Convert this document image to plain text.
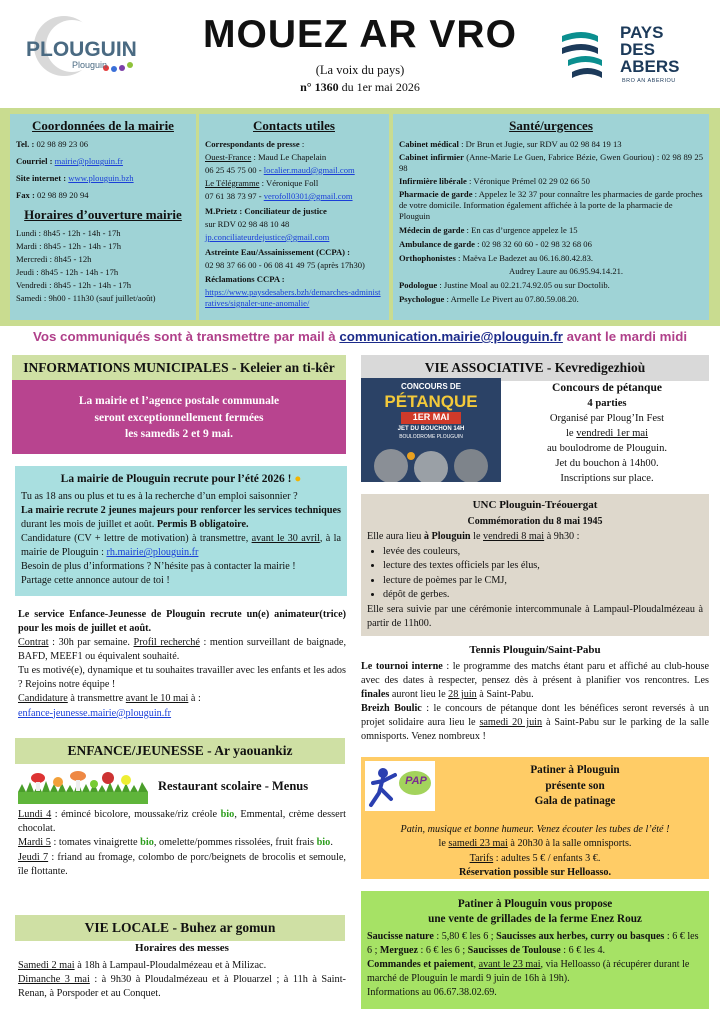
PLOUGUIN
Plouguin
MOUEZ AR VRO
(La voix du pays)
n° 1360 du 1er mai 2026
PAYS
DES
ABERS
BRO AN ABERIOU
Coordonnées de la mairie

Tel. : 02 98 89 23 06

Courriel : mairie@plouguin.fr

Site internet : www.plouguin.bzh

Fax : 02 98 89 20 94

Horaires d’ouverture mairie

Lundi : 8h45 - 12h - 14h - 17h

Mardi : 8h45 - 12h - 14h - 17h

Mercredi : 8h45 - 12h

Jeudi : 8h45 - 12h - 14h - 17h

Vendredi : 8h45 - 12h - 14h - 17h

Samedi : 9h00 - 11h30 (sauf juillet/août)

Contacts utiles

Correspondants de presse :

Ouest-France : Maud Le Chapelain

06 25 45 75 00 - localier.maud@gmail.com

Le Télégramme : Véronique Foll

07 61 38 73 97 - verofoll0301@gmail.com

M.Prietz : Conciliateur de justice

sur RDV 02 98 48 10 48

jp.conciliateurdejustice@gmail.com

Astreinte Eau/Assainissement (CCPA) :

02 98 37 66 00 - 06 08 41 49 75 (après 17h30)

Réclamations CCPA :

https://www.paysdesabers.bzh/demarches-administratives/signaler-une-anomalie/

Santé/urgences

Cabinet médical : Dr Brun et Jugie, sur RDV au 02 98 84 19 13

Cabinet infirmier (Anne-Marie Le Guen, Fabrice Bézie, Gwen Gouriou) : 02 98 89 25 98

Infirmière libérale : Véronique Prémel 02 29 02 66 50

Pharmacie de garde : Appelez le 32 37 pour connaître les pharmacies de garde proches de votre domicile. Information également affichée à la porte de la pharmacie de Plouguin

Médecin de garde : En cas d’urgence appelez le 15

Ambulance de garde : 02 98 32 60 60 - 02 98 32 68 06

Orthophonistes : Maëva Le Badezet au 06.16.80.42.83.

Audrey Laure au 06.95.94.14.21.

Podologue : Justine Moal au 02.21.74.92.05 ou sur Doctolib.

Psychologue : Armelle Le Pivert au 07.80.59.08.20.

Vos communiqués sont à transmettre par mail à communication.mairie@plouguin.fr avant le mardi midi
INFORMATIONS MUNICIPALES - Keleier an ti-kêr
La mairie et l’agence postale communale
seront exceptionnellement fermées
les samedis 2 et 9 mai.
La mairie de Plouguin recrute pour l’été 2026 ! ●

Tu as 18 ans ou plus et tu es à la recherche d’un emploi saisonnier ?

La mairie recrute 2 jeunes majeurs pour renforcer les services techniques durant les mois de juillet et août. Permis B obligatoire.

Candidature (CV + lettre de motivation) à transmettre, avant le 30 avril, à la mairie de Plouguin : rh.mairie@plouguin.fr

Besoin de plus d’informations ? N’hésite pas à contacter la mairie !

Partage cette annonce autour de toi !

Le service Enfance-Jeunesse de Plouguin recrute un(e) animateur(trice) pour les mois de juillet et août.

Contrat : 30h par semaine. Profil recherché : mention surveillant de baignade, BAFD, MEEF1 ou équivalent souhaité.

Tu es motivé(e), dynamique et tu souhaites travailler avec les enfants et les ados ? Rejoins notre équipe !

Candidature à transmettre avant le 10 mai à :

enfance-jeunesse.mairie@plouguin.fr

ENFANCE/JEUNESSE - Ar yaouankiz
Restaurant scolaire - Menus

Lundi 4 : émincé bicolore, moussake/riz créole bio, Emmental, crème dessert chocolat.

Mardi 5 : tomates vinaigrette bio, omelette/pommes rissolées, fruit frais bio.

Jeudi 7 : friand au fromage, colombo de porc/beignets de brocolis et semoule, île flottante.

VIE LOCALE - Buhez ar gomun
Horaires des messes

Samedi 2 mai à 18h à Lampaul-Ploudalmézeau et à Milizac.

Dimanche 3 mai : à 9h30 à Ploudalmézeau et à Plouarzel ; à 11h à Saint-Renan, à Porspoder et au Conquet.

VIE ASSOCIATIVE - Kevredigezhioù
CONCOURS DE
PÉTANQUE
1ER MAI
JET DU BOUCHON 14H
BOULODROME PLOUGUIN

Concours de pétanque

4 parties

Organisé par Ploug’In Fest

le vendredi 1er mai

au boulodrome de Plouguin.

Jet du bouchon à 14h00.

Inscriptions sur place.

UNC Plouguin-Tréouergat
Commémoration du 8 mai 1945

Elle aura lieu à Plouguin le vendredi 8 mai à 9h30 :

• levée des couleurs,
• lecture des textes officiels par les élus,
• lecture de poèmes par le CMJ,
• dépôt de gerbes.

Elle sera suivie par une cérémonie intercommunale à Lampaul-Ploudalmézeau à partir de 11h00.

Tennis Plouguin/Saint-Pabu

Le tournoi interne : le programme des matchs étant paru et affiché au club-house avec des dates à respecter, pensez dès à présent à planifier vos rencontres. Les finales auront lieu le 28 juin à Saint-Pabu.

Breizh Boulic : le concours de pétanque dont les bénéfices seront reversés à un projet solidaire aura lieu le samedi 20 juin à Saint-Pabu sur le parking de la salle omnisports. Venez nombreux !

PAP
Patiner à Plouguin
présente son
Gala de patinage

Patin, musique et bonne humeur. Venez écouter les tubes de l’été !

le samedi 23 mai à 20h30 à la salle omnisports.

Tarifs : adultes 5 € / enfants 3 €.

Réservation possible sur Helloasso.

Patiner à Plouguin vous propose
une vente de grillades de la ferme Enez Rouz

Saucisse nature : 5,80 € les 6 ; Saucisses aux herbes, curry ou basques : 6 € les 6 ; Merguez : 6 € les 6 ; Saucisses de Toulouse : 6 € les 4.

Commandes et paiement, avant le 23 mai, via Helloasso (à récupérer durant le marché de Plouguin le mardi 9 juin de 16h à 19h).

Informations au 06.67.38.02.69.
